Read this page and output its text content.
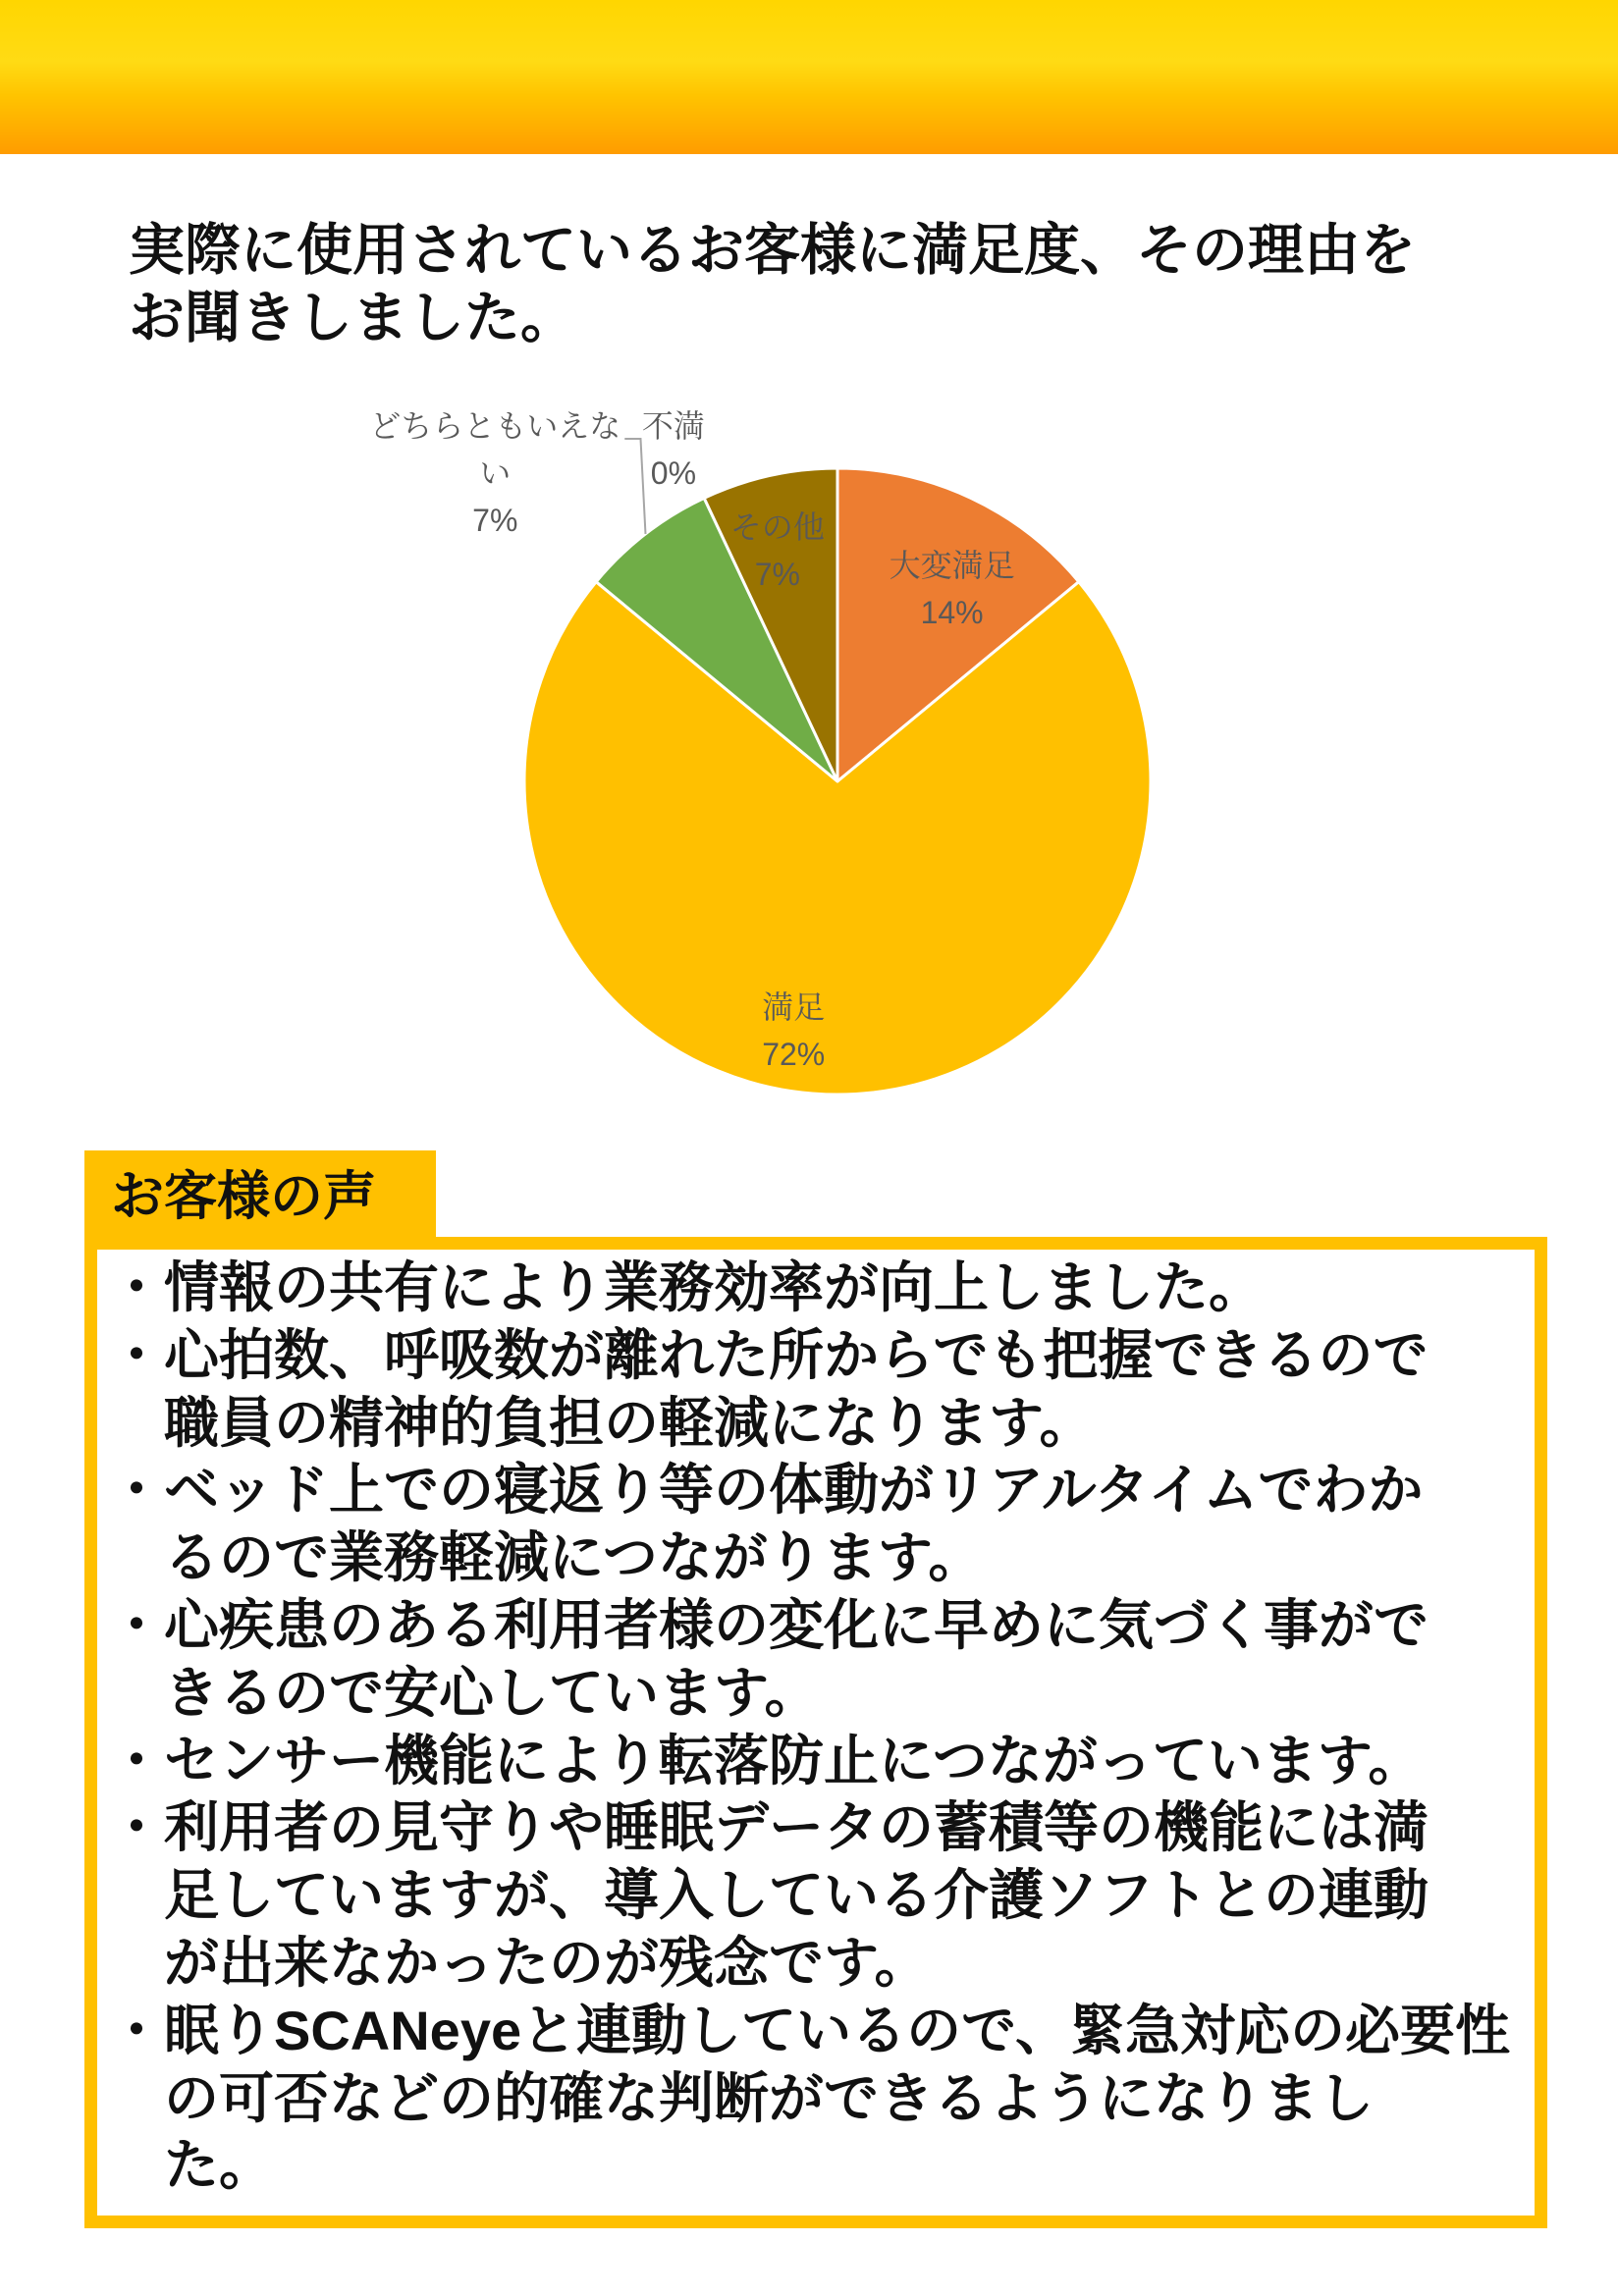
実際に使用されているお客様に満足度、その理由を
お聞きしました。
大変満足
14%
満足
72%
どちらともいえない
7%
不満
0%
その他
7%
お客様の声
・ 情報の共有により業務効率が向上しました。
・ 心拍数、呼吸数が離れた所からでも把握できるので
職員の精神的負担の軽減になります。
・ ベッド上での寝返り等の体動がリアルタイムでわか
るので業務軽減につながります。
・ 心疾患のある利用者様の変化に早めに気づく事がで
きるので安心しています。
・ センサー機能により転落防止につながっています。
・ 利用者の見守りや睡眠データの蓄積等の機能には満
足していますが、導入している介護ソフトとの連動
が出来なかったのが残念です。
・ 眠りSCANeyeと連動しているので、緊急対応の必要性
の可否などの的確な判断ができるようになりまし
た。
